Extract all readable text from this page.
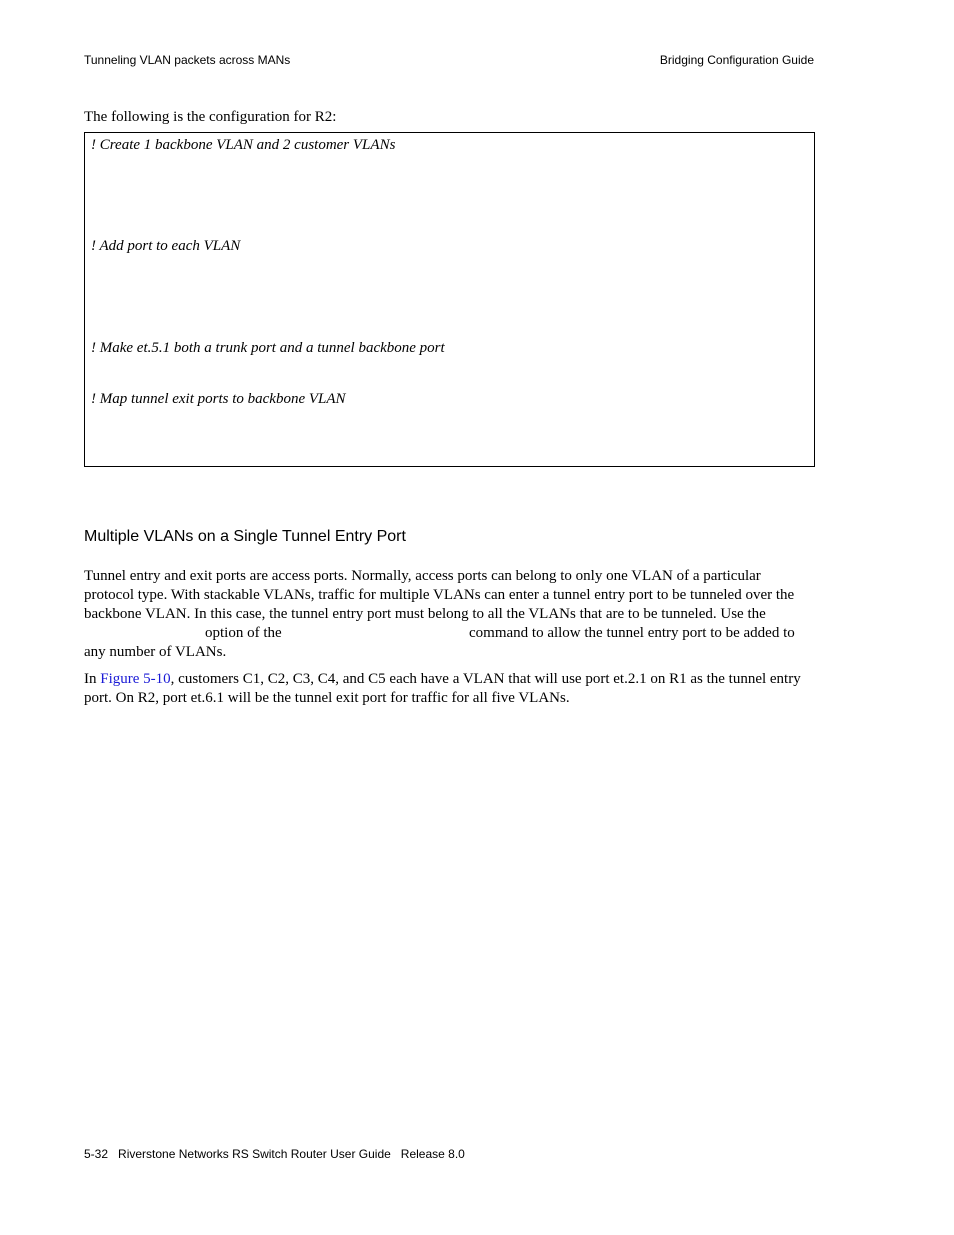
Tunneling VLAN packets across MANs	Bridging Configuration Guide
The following is the configuration for R2:
! Create 1 backbone VLAN and 2 customer VLANs
! Add port to each VLAN
! Make et.5.1 both a trunk port and a tunnel backbone port
! Map tunnel exit ports to backbone VLAN
Multiple VLANs on a Single Tunnel Entry Port
Tunnel entry and exit ports are access ports. Normally, access ports can belong to only one VLAN of a particular
protocol type. With stackable VLANs, traffic for multiple VLANs can enter a tunnel entry port to be tunneled over the
backbone VLAN. In this case, the tunnel entry port must belong to all the VLANs that are to be tunneled. Use the
option of the	command to allow the tunnel entry port to be added to
any number of VLANs.
In Figure 5-10, customers C1, C2, C3, C4, and C5 each have a VLAN that will use port et.2.1 on R1 as the tunnel entry
port. On R2, port et.6.1 will be the tunnel exit port for traffic for all five VLANs.
5-32 Riverstone Networks RS Switch Router User Guide Release 8.0
